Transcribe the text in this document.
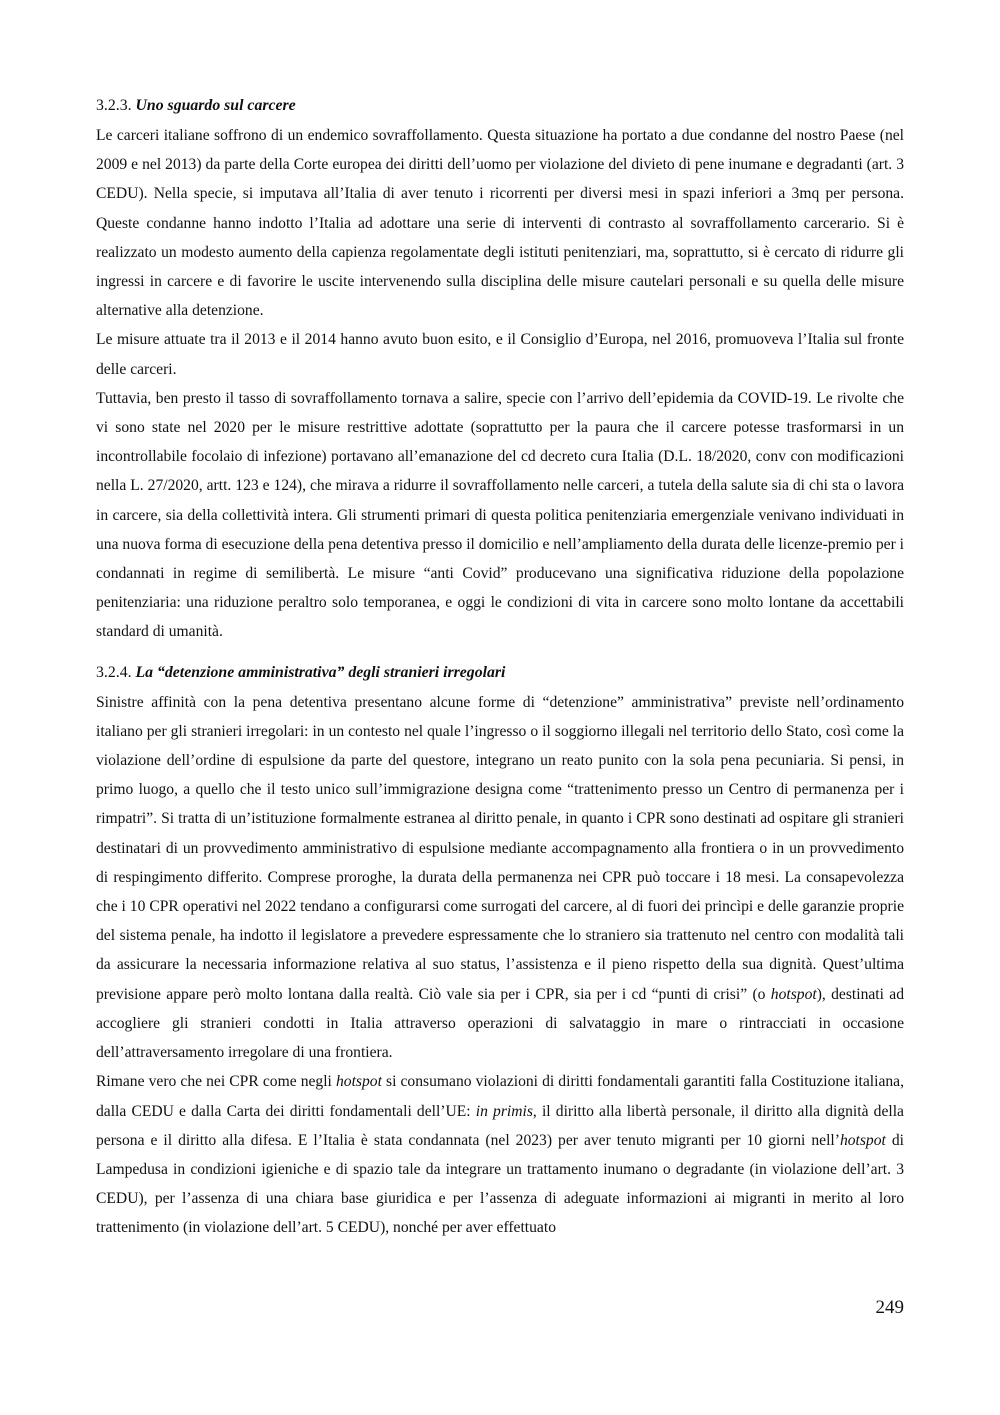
3.2.3. Uno sguardo sul carcere

Le carceri italiane soffrono di un endemico sovraffollamento. Questa situazione ha portato a due condanne del nostro Paese (nel 2009 e nel 2013) da parte della Corte europea dei diritti dell’uomo per violazione del divieto di pene inumane e degradanti (art. 3 CEDU). Nella specie, si imputava all’Italia di aver tenuto i ricorrenti per diversi mesi in spazi inferiori a 3mq per persona. Queste condanne hanno indotto l’Italia ad adottare una serie di interventi di contrasto al sovraffollamento carcerario. Si è realizzato un modesto aumento della capienza regolamentate degli istituti penitenziari, ma, soprattutto, si è cercato di ridurre gli ingressi in carcere e di favorire le uscite intervenendo sulla disciplina delle misure cautelari personali e su quella delle misure alternative alla detenzione.

Le misure attuate tra il 2013 e il 2014 hanno avuto buon esito, e il Consiglio d’Europa, nel 2016, promuoveva l’Italia sul fronte delle carceri.

Tuttavia, ben presto il tasso di sovraffollamento tornava a salire, specie con l’arrivo dell’epidemia da COVID-19. Le rivolte che vi sono state nel 2020 per le misure restrittive adottate (soprattutto per la paura che il carcere potesse trasformarsi in un incontrollabile focolaio di infezione) portavano all’emanazione del cd decreto cura Italia (D.L. 18/2020, conv con modificazioni nella L. 27/2020, artt. 123 e 124), che mirava a ridurre il sovraffollamento nelle carceri, a tutela della salute sia di chi sta o lavora in carcere, sia della collettività intera. Gli strumenti primari di questa politica penitenziaria emergenziale venivano individuati in una nuova forma di esecuzione della pena detentiva presso il domicilio e nell’ampliamento della durata delle licenze-premio per i condannati in regime di semilibertà. Le misure “anti Covid” producevano una significativa riduzione della popolazione penitenziaria: una riduzione peraltro solo temporanea, e oggi le condizioni di vita in carcere sono molto lontane da accettabili standard di umanità.

3.2.4. La “detenzione amministrativa” degli stranieri irregolari

Sinistre affinità con la pena detentiva presentano alcune forme di “detenzione” amministrativa” previste nell’ordinamento italiano per gli stranieri irregolari: in un contesto nel quale l’ingresso o il soggiorno illegali nel territorio dello Stato, così come la violazione dell’ordine di espulsione da parte del questore, integrano un reato punito con la sola pena pecuniaria. Si pensi, in primo luogo, a quello che il testo unico sull’immigrazione designa come “trattenimento presso un Centro di permanenza per i rimpatri”. Si tratta di un’istituzione formalmente estranea al diritto penale, in quanto i CPR sono destinati ad ospitare gli stranieri destinatari di un provvedimento amministrativo di espulsione mediante accompagnamento alla frontiera o in un provvedimento di respingimento differito. Comprese proroghe, la durata della permanenza nei CPR può toccare i 18 mesi. La consapevolezza che i 10 CPR operativi nel 2022 tendano a configurarsi come surrogati del carcere, al di fuori dei princìpi e delle garanzie proprie del sistema penale, ha indotto il legislatore a prevedere espressamente che lo straniero sia trattenuto nel centro con modalità tali da assicurare la necessaria informazione relativa al suo status, l’assistenza e il pieno rispetto della sua dignità. Quest’ultima previsione appare però molto lontana dalla realtà. Ciò vale sia per i CPR, sia per i cd “punti di crisi” (o hotspot), destinati ad accogliere gli stranieri condotti in Italia attraverso operazioni di salvataggio in mare o rintracciati in occasione dell’attraversamento irregolare di una frontiera.

Rimane vero che nei CPR come negli hotspot si consumano violazioni di diritti fondamentali garantiti falla Costituzione italiana, dalla CEDU e dalla Carta dei diritti fondamentali dell’UE: in primis, il diritto alla libertà personale, il diritto alla dignità della persona e il diritto alla difesa. E l’Italia è stata condannata (nel 2023) per aver tenuto migranti per 10 giorni nell’hotspot di Lampedusa in condizioni igieniche e di spazio tale da integrare un trattamento inumano o degradante (in violazione dell’art. 3 CEDU), per l’assenza di una chiara base giuridica e per l’assenza di adeguate informazioni ai migranti in merito al loro trattenimento (in violazione dell’art. 5 CEDU), nonché per aver effettuato

249
